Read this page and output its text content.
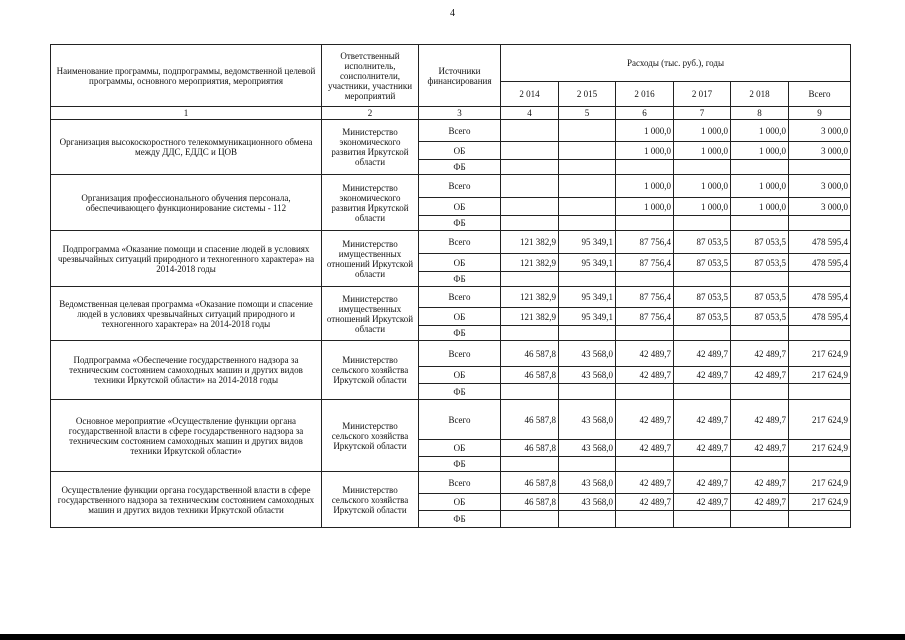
4
Наименование программы, подпрограммы, ведомственной целевой программы, основного мероприятия, мероприятия	Ответственный исполнитель, соисполнители, участники, участники мероприятий	Источники финансирования	Расходы (тыс. руб.), годы					
			2 014	2 015	2 016	2 017	2 018	Всего
1	2	3	4	5	6	7	8	9
Организация высокоскоростного телекоммуникационного обмена между ДДС, ЕДДС и ЦОВ	Министерство экономического развития Иркутской области	Всего			1 000,0	1 000,0	1 000,0	3 000,0
		ОБ			1 000,0	1 000,0	1 000,0	3 000,0
		ФБ						
Организация профессионального обучения персонала, обеспечивающего функционирование системы - 112	Министерство экономического развития Иркутской области	Всего			1 000,0	1 000,0	1 000,0	3 000,0
		ОБ			1 000,0	1 000,0	1 000,0	3 000,0
		ФБ						
Подпрограмма «Оказание помощи и спасение людей в условиях чрезвычайных ситуаций природного и техногенного характера» на 2014-2018 годы	Министерство имущественных отношений Иркутской области	Всего	121 382,9	95 349,1	87 756,4	87 053,5	87 053,5	478 595,4
		ОБ	121 382,9	95 349,1	87 756,4	87 053,5	87 053,5	478 595,4
		ФБ						
Ведомственная целевая программа «Оказание помощи и спасение людей в условиях чрезвычайных ситуаций природного и техногенного характера» на 2014-2018 годы	Министерство имущественных отношений Иркутской области	Всего	121 382,9	95 349,1	87 756,4	87 053,5	87 053,5	478 595,4
		ОБ	121 382,9	95 349,1	87 756,4	87 053,5	87 053,5	478 595,4
		ФБ						
Подпрограмма «Обеспечение государственного надзора за техническим состоянием самоходных машин и других видов техники Иркутской области» на 2014-2018 годы	Министерство сельского хозяйства Иркутской области	Всего	46 587,8	43 568,0	42 489,7	42 489,7	42 489,7	217 624,9
		ОБ	46 587,8	43 568,0	42 489,7	42 489,7	42 489,7	217 624,9
		ФБ						
Основное мероприятие «Осуществление функции органа государственной власти в сфере государственного надзора за техническим состоянием самоходных машин и других видов техники Иркутской области»	Министерство сельского хозяйства Иркутской области	Всего	46 587,8	43 568,0	42 489,7	42 489,7	42 489,7	217 624,9
		ОБ	46 587,8	43 568,0	42 489,7	42 489,7	42 489,7	217 624,9
		ФБ						
Осуществление функции органа государственной власти в сфере государственного надзора за техническим состоянием самоходных машин и других видов техники Иркутской области	Министерство сельского хозяйства Иркутской области	Всего	46 587,8	43 568,0	42 489,7	42 489,7	42 489,7	217 624,9
		ОБ	46 587,8	43 568,0	42 489,7	42 489,7	42 489,7	217 624,9
		ФБ						
